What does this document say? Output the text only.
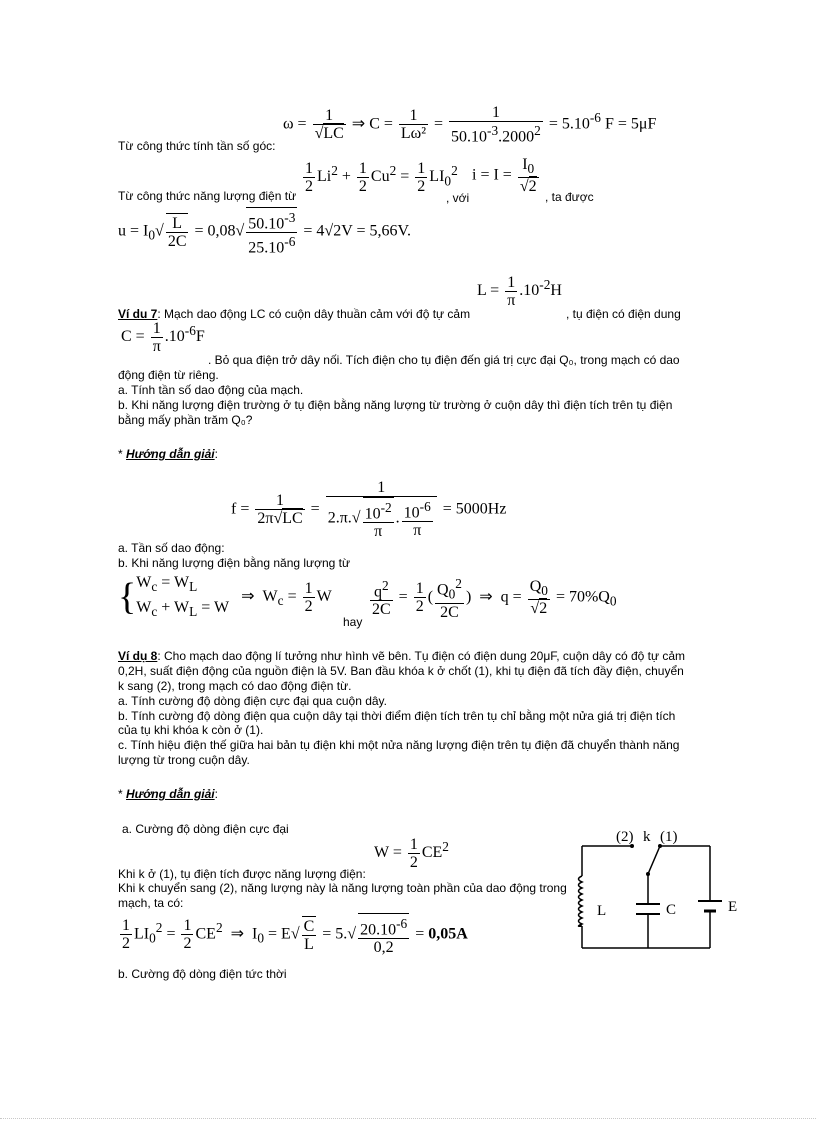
$\omega = \frac{1}{√LC}$ ⇒ $C = \frac{1}{\text{Lω²}} = \frac{1}{50.10^{-3}.2000^2} = 5.10^{-6}$ F = 5μF
Từ công thức tính tần số góc:
$\frac{1}{2} Li^2 + \frac{1}{2} Cu^2 = \frac{1}{2} LI_0^2$
Từ công thức năng lượng điện từ	, với
$i = I = \frac{I_0}{√2}$
, ta được
$u = I_0√ \frac{L}{2C} = 0,08√ \frac{50.10^{-3}}{25.10^{-6}} = 4√2V = 5,66V$.
$L = \frac{1}{\pi} .10^{-2}H$
Ví du 7: Mạch dao động LC có cuộn dây thuần cảm với độ tự cảm	, tụ điện có điện dung
$C = \frac{1}{\pi} .10^{-6}F$
. Bỏ qua điện trở dây nối. Tích điện cho tụ điện đến giá trị cực đại Q₀, trong mạch có dao
động điện từ riêng.
a. Tính tần số dao động của mạch.
b. Khi năng lượng điện trường ở tụ điện bằng năng lượng từ trường ở cuộn dây thì điện tích trên tụ điện
bằng mấy phần trăm Q₀?
* Hướng dẫn giải:
$f = \frac{1}{2\pi√LC} = \frac{1}{2.\pi.√ \frac{10^{-2}}{\pi} . \frac{10^{-6}}{\pi}} = 5000Hz$
a. Tần số dao động:
b. Khi năng lượng điện bằng năng lượng từ
{$W_c = W_L$
$W_c + W_L = W$   ⇒  $W_c = \frac{1}{2}$ W
hay
$\frac{q^2}{2C} = \frac{1}{2}$ ( $\frac{Q_0^2}{2C}$ )  ⇒  $q = \frac{Q_0}{√2} = 70\%Q_0$
Ví dụ 8: Cho mạch dao động lí tưởng như hình vẽ bên. Tụ điện có điện dung 20μF, cuộn dây có độ tự cảm
0,2H, suất điện động của nguồn điện là 5V. Ban đầu khóa k ở chốt (1), khi tụ điện đã tích đầy điện, chuyển
k sang (2), trong mạch có dao động điện từ.
a. Tính cường độ dòng điện cực đại qua cuộn dây.
b. Tính cường độ dòng điện qua cuộn dây tại thời điểm điện tích trên tụ chỉ bằng một nửa giá trị điện tích
của tụ khi khóa k còn ở (1).
c. Tính hiệu điện thế giữa hai bản tụ điện khi một nửa năng lượng điện trên tụ điện đã chuyển thành năng
lượng từ trong cuộn dây.
* Hướng dẫn giải:
a. Cường độ dòng điện cực đại
$W = \frac{1}{2} CE^2$
Khi k ở (1), tụ điện tích được năng lượng điện:
Khi k chuyển sang (2), năng lượng này là năng lượng toàn phần của dao động trong
mạch, ta có:
$\frac{1}{2} LI_0^2 = \frac{1}{2} CE^2$  ⇒  $I_0 = E√ \frac{C}{L} = 5.√ \frac{20.10^{-6}}{0,2} = 0,05A$
b. Cường độ dòng điện tức thời
(2) k (1)
L	C	E
